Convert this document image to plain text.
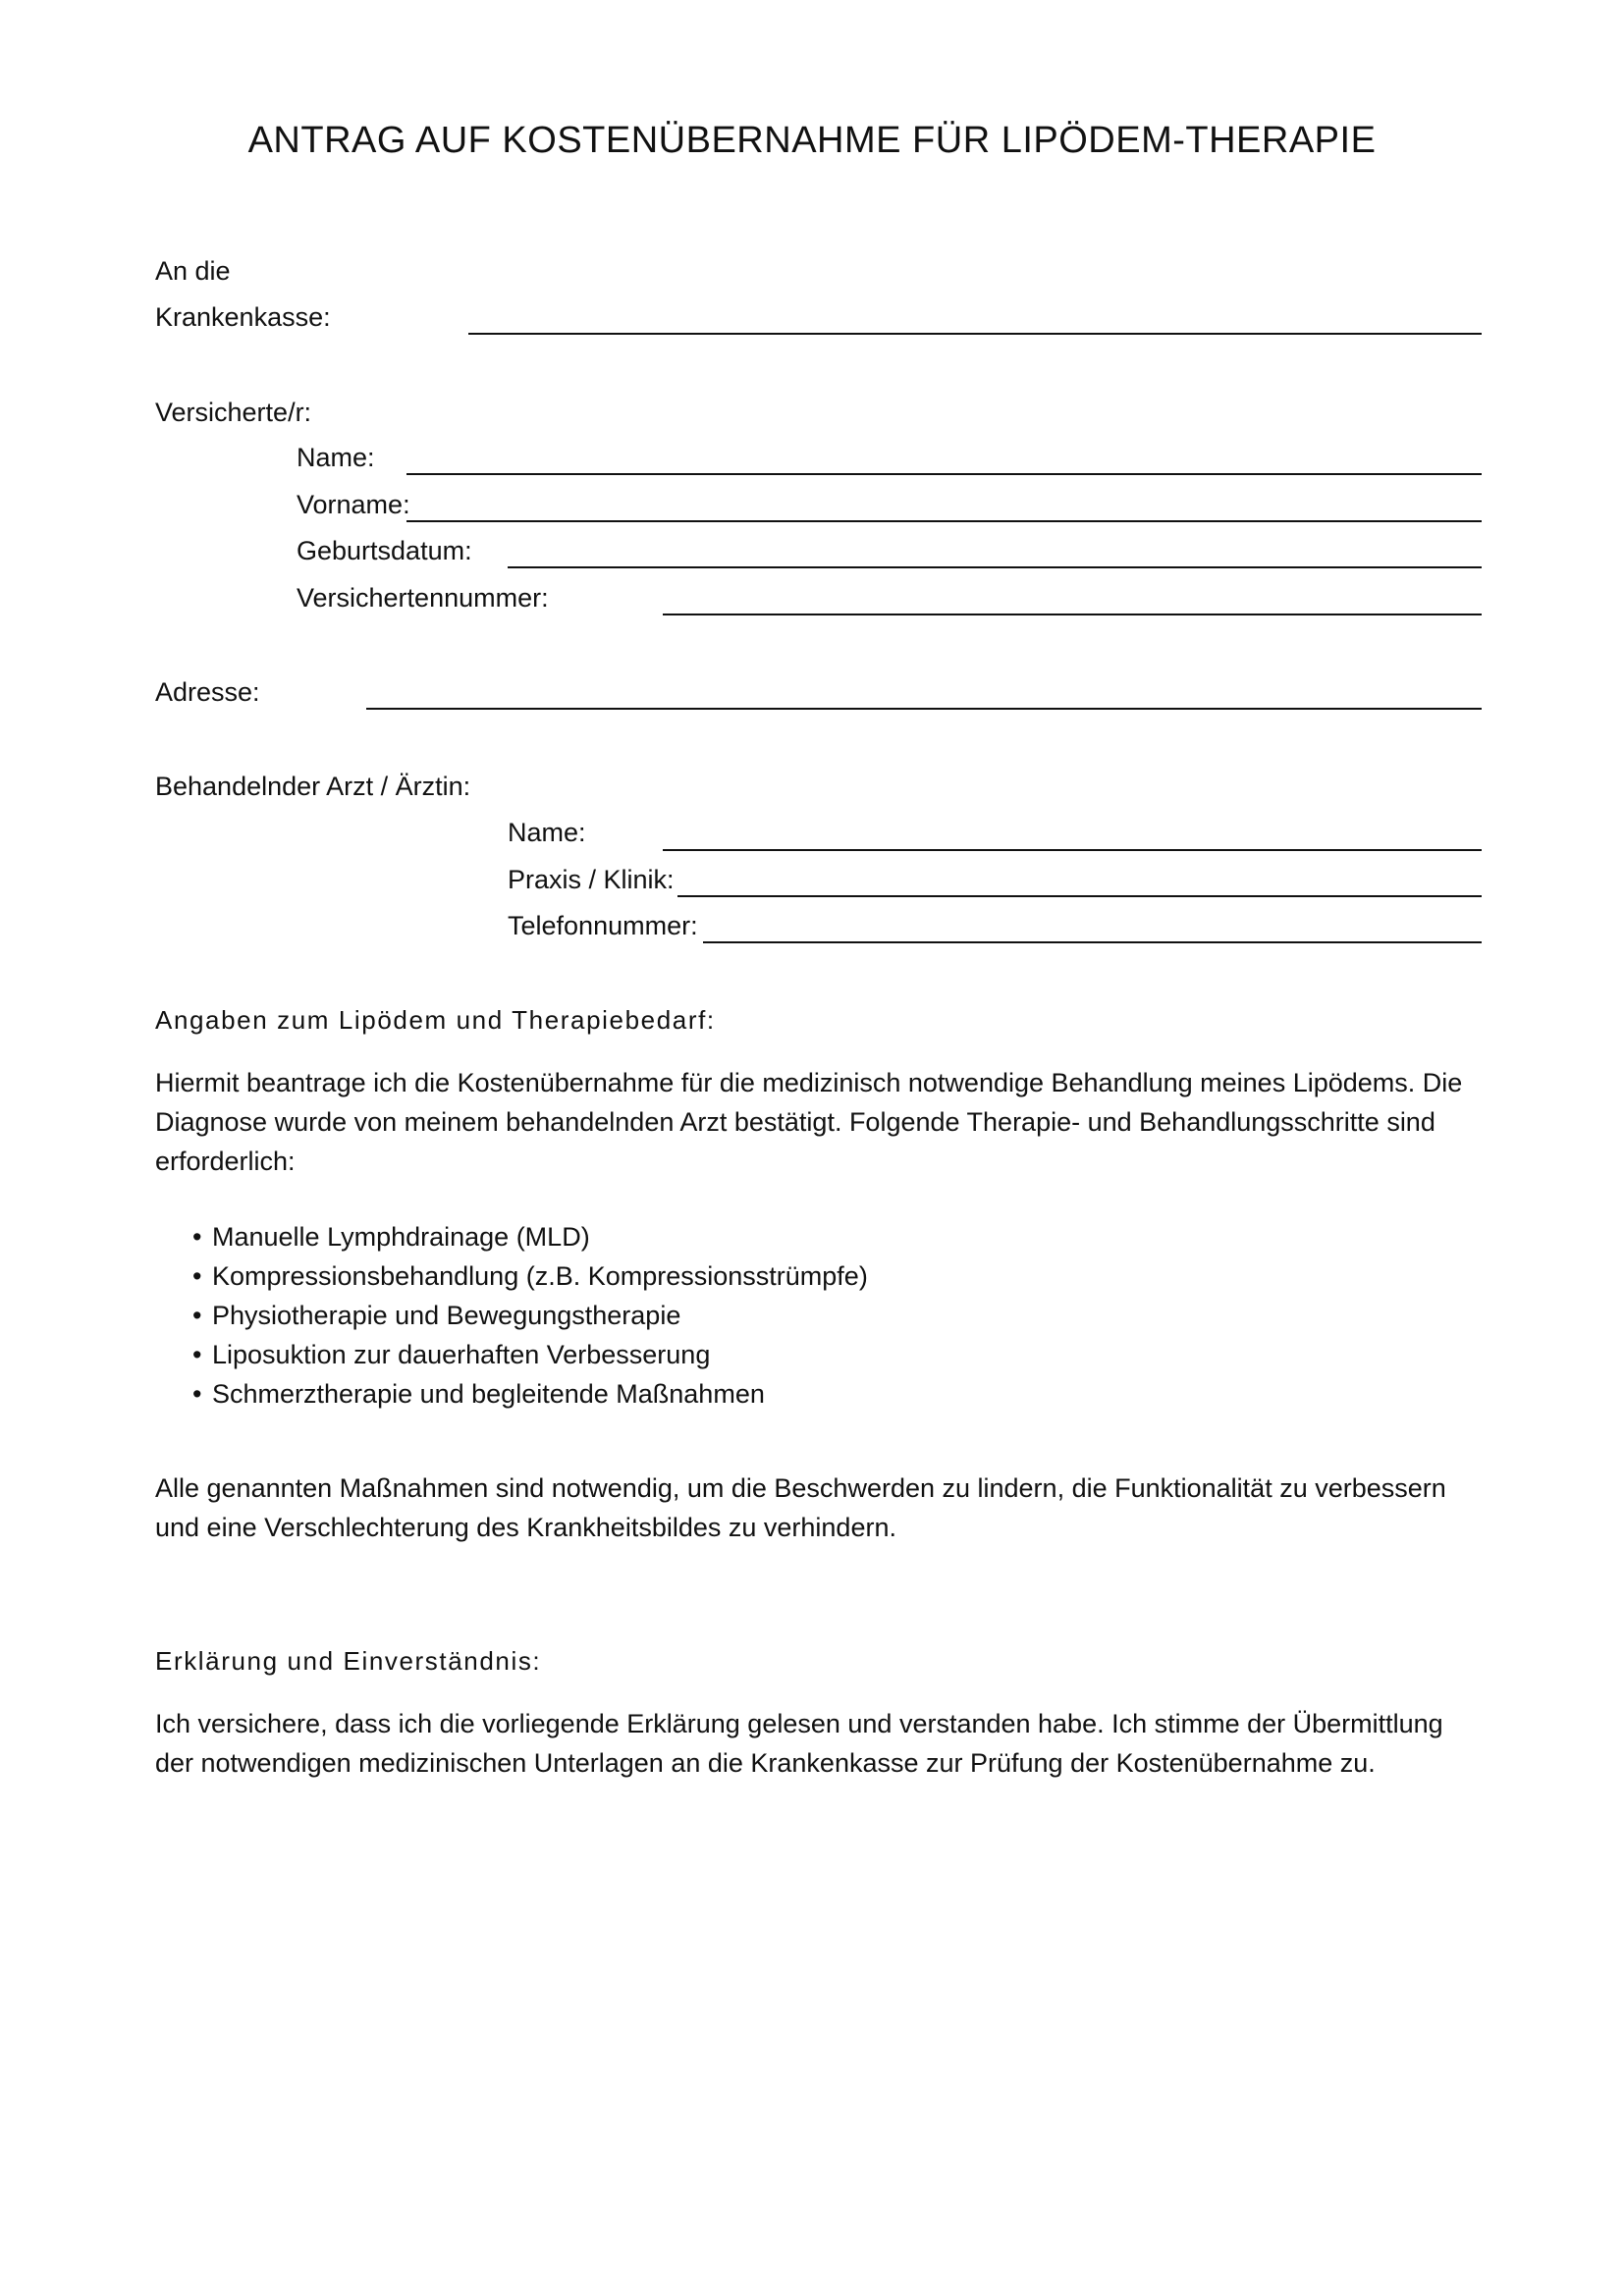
ANTRAG AUF KOSTENÜBERNAHME FÜR LIPÖDEM-THERAPIE
An die
Krankenkasse:
Versicherte/r:
Name:
Vorname:
Geburtsdatum:
Versichertennummer:
Adresse:
Behandelnder Arzt / Ärztin:
Name:
Praxis / Klinik:
Telefonnummer:
Angaben zum Lipödem und Therapiebedarf:

Hiermit beantrage ich die Kostenübernahme für die medizinisch notwendige Behandlung meines Lipödems. Die Diagnose wurde von meinem behandelnden Arzt bestätigt. Folgende Therapie- und Behandlungsschritte sind erforderlich:

• Manuelle Lymphdrainage (MLD)
• Kompressionsbehandlung (z.B. Kompressionsstrümpfe)
• Physiotherapie und Bewegungstherapie
• Liposuktion zur dauerhaften Verbesserung
• Schmerztherapie und begleitende Maßnahmen

Alle genannten Maßnahmen sind notwendig, um die Beschwerden zu lindern, die Funktionalität zu verbessern und eine Verschlechterung des Krankheitsbildes zu verhindern.

Erklärung und Einverständnis:

Ich versichere, dass ich die vorliegende Erklärung gelesen und verstanden habe. Ich stimme der Übermittlung der notwendigen medizinischen Unterlagen an die Krankenkasse zur Prüfung der Kostenübernahme zu.
